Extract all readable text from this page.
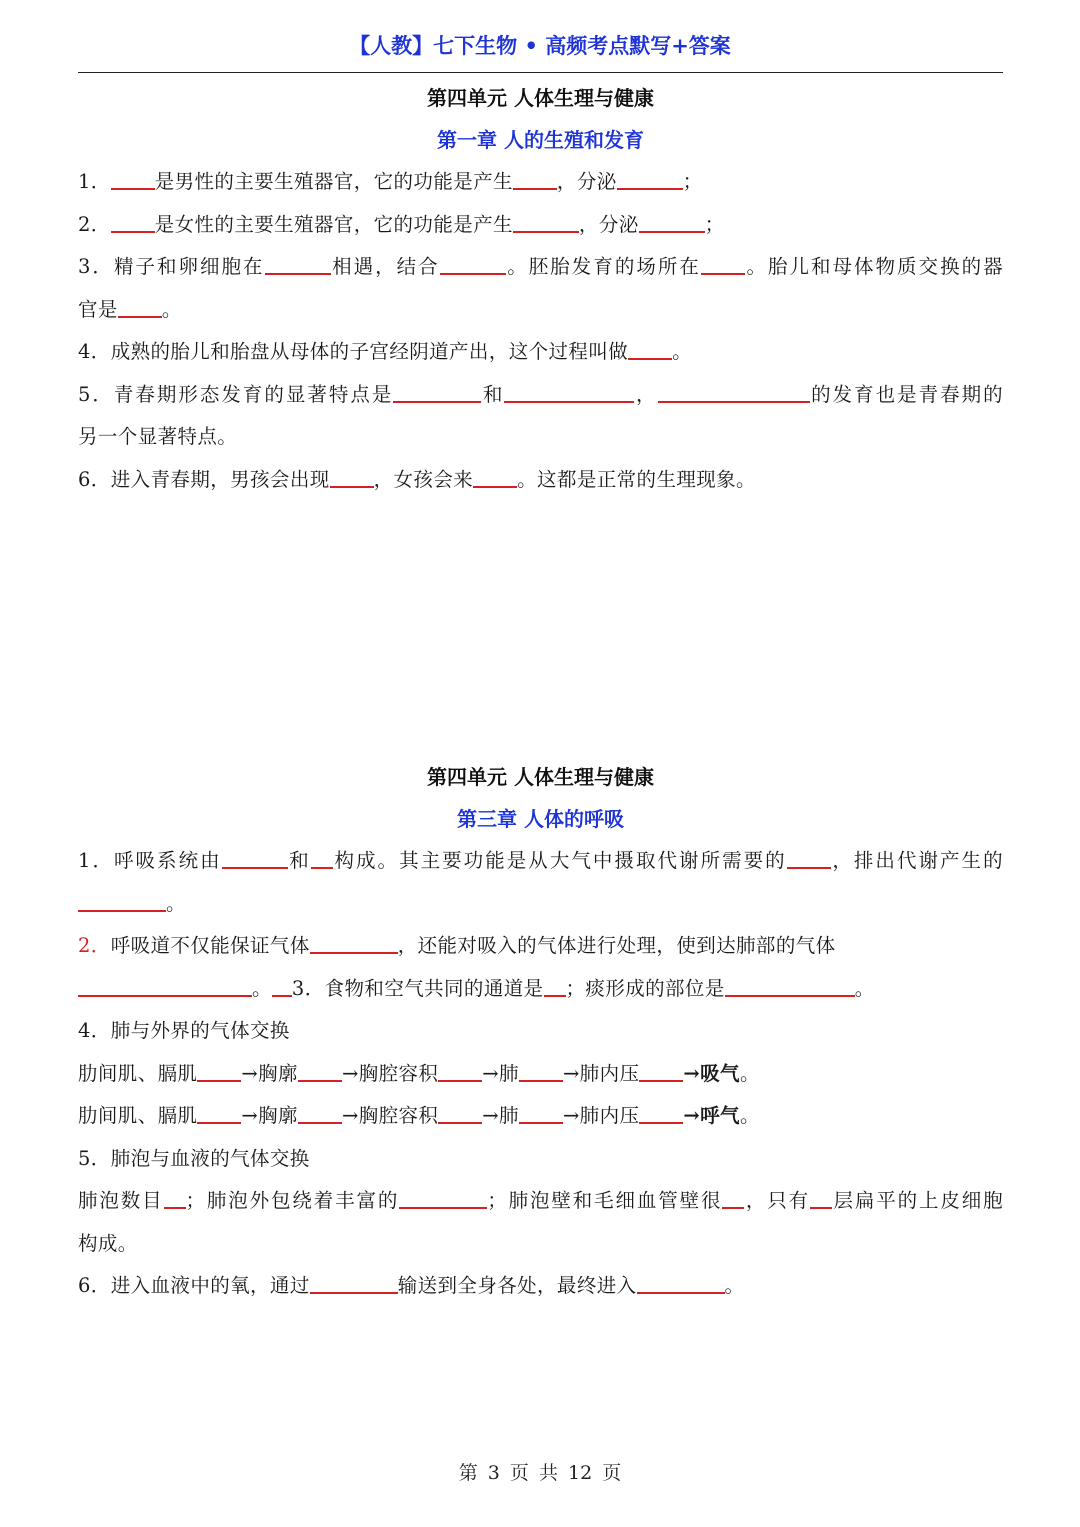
【人教】七下生物 • 高频考点默写+答案
第四单元 人体生理与健康
第一章 人的生殖和发育
1． 是男性的主要生殖器官，它的功能是产生 ，分泌	；
2． 是女性的主要生殖器官，它的功能是产生	，分泌	；
3．精子和卵细胞在	相遇，结合	。胚胎发育的场所在 。胎儿和母体物质交换的器
官是 。
4．成熟的胎儿和胎盘从母体的子宫经阴道产出，这个过程叫做 。
5．青春期形态发育的显著特点是	和	，	的发育也是青春期的
另一个显著特点。
6．进入青春期，男孩会出现 ，女孩会来 。这都是正常的生理现象。
第四单元 人体生理与健康
第三章 人体的呼吸
1．呼吸系统由	和 构成。其主要功能是从大气中摄取代谢所需要的 ，排出代谢产生的
。
2．呼吸道不仅能保证气体	，还能对吸入的气体进行处理，使到达肺部的气体
。 3．食物和空气共同的通道是 ；痰形成的部位是	。
4．肺与外界的气体交换
肋间肌、膈肌 →胸廓 →胸腔容积 →肺 →肺内压 →吸气。
肋间肌、膈肌 →胸廓 →胸腔容积 →肺 →肺内压 →呼气。
5．肺泡与血液的气体交换
肺泡数目 ；肺泡外包绕着丰富的	；肺泡壁和毛细血管壁很 ，只有 层扁平的上皮细胞
构成。
6．进入血液中的氧，通过	输送到全身各处，最终进入	。
第 3 页 共 12 页
